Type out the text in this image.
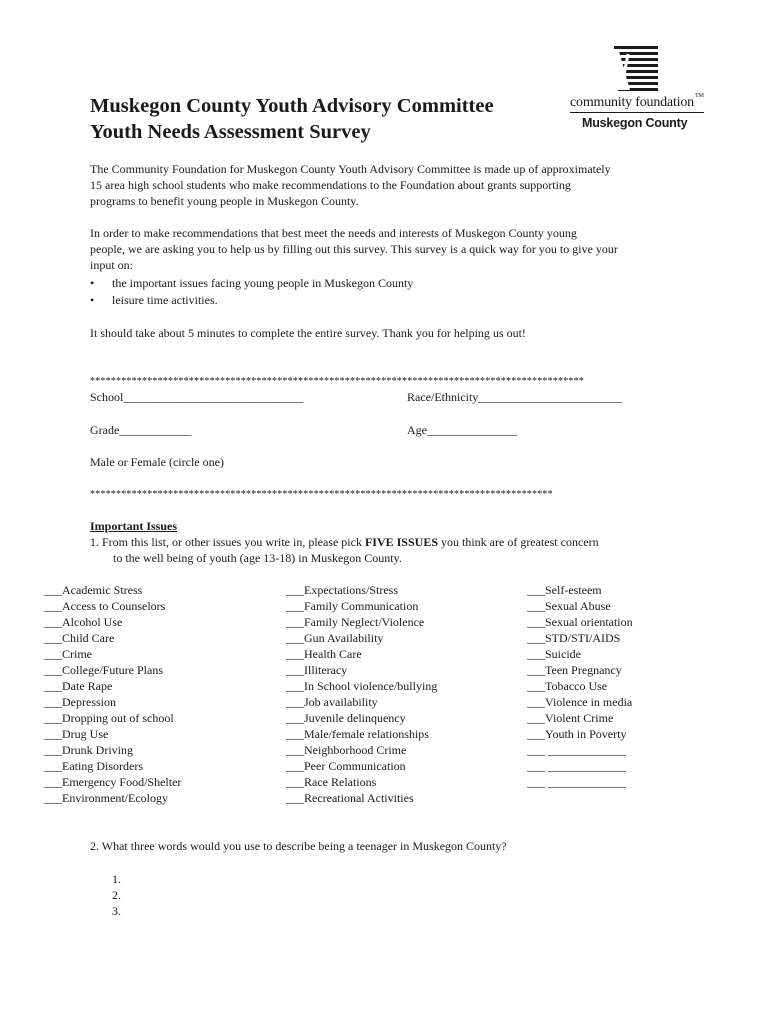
community foundation TM
Muskegon County
Muskegon County Youth Advisory Committee
Youth Needs Assessment Survey
The Community Foundation for Muskegon County Youth Advisory Committee is made up of approximately
15 area high school students who make recommendations to the Foundation about grants supporting
programs to benefit young people in Muskegon County.
In order to make recommendations that best meet the needs and interests of Muskegon County young
people, we are asking you to help us by filling out this survey. This survey is a quick way for you to give your
input on:
• the important issues facing young people in Muskegon County
• leisure time activities.
It should take about 5 minutes to complete the entire survey. Thank you for helping us out!
***********************************************************************************************
School______________________________	Race/Ethnicity________________________
Grade____________	Age_______________
Male or Female (circle one)
*****************************************************************************************
Important Issues
1. From this list, or other issues you write in, please pick FIVE ISSUES you think are of greatest concern
to the well being of youth (age 13-18) in Muskegon County.
___Academic Stress
___Access to Counselors
___Alcohol Use
___Child Care
___Crime
___College/Future Plans
___Date Rape
___Depression
___Dropping out of school
___Drug Use
___Drunk Driving
___Eating Disorders
___Emergency Food/Shelter
___Environment/Ecology
___Expectations/Stress
___Family Communication
___Family Neglect/Violence
___Gun Availability
___Health Care
___Illiteracy
___In School violence/bullying
___Job availability
___Juvenile delinquency
___Male/female relationships
___Neighborhood Crime
___Peer Communication
___Race Relations
___Recreational Activities
___Self-esteem
___Sexual Abuse
___Sexual orientation
___STD/STI/AIDS
___Suicide
___Teen Pregnancy
___Tobacco Use
___Violence in media
___Violent Crime
___Youth in Poverty
___ _____________
___ _____________
___ _____________
2. What three words would you use to describe being a teenager in Muskegon County?
1.
2.
3.
